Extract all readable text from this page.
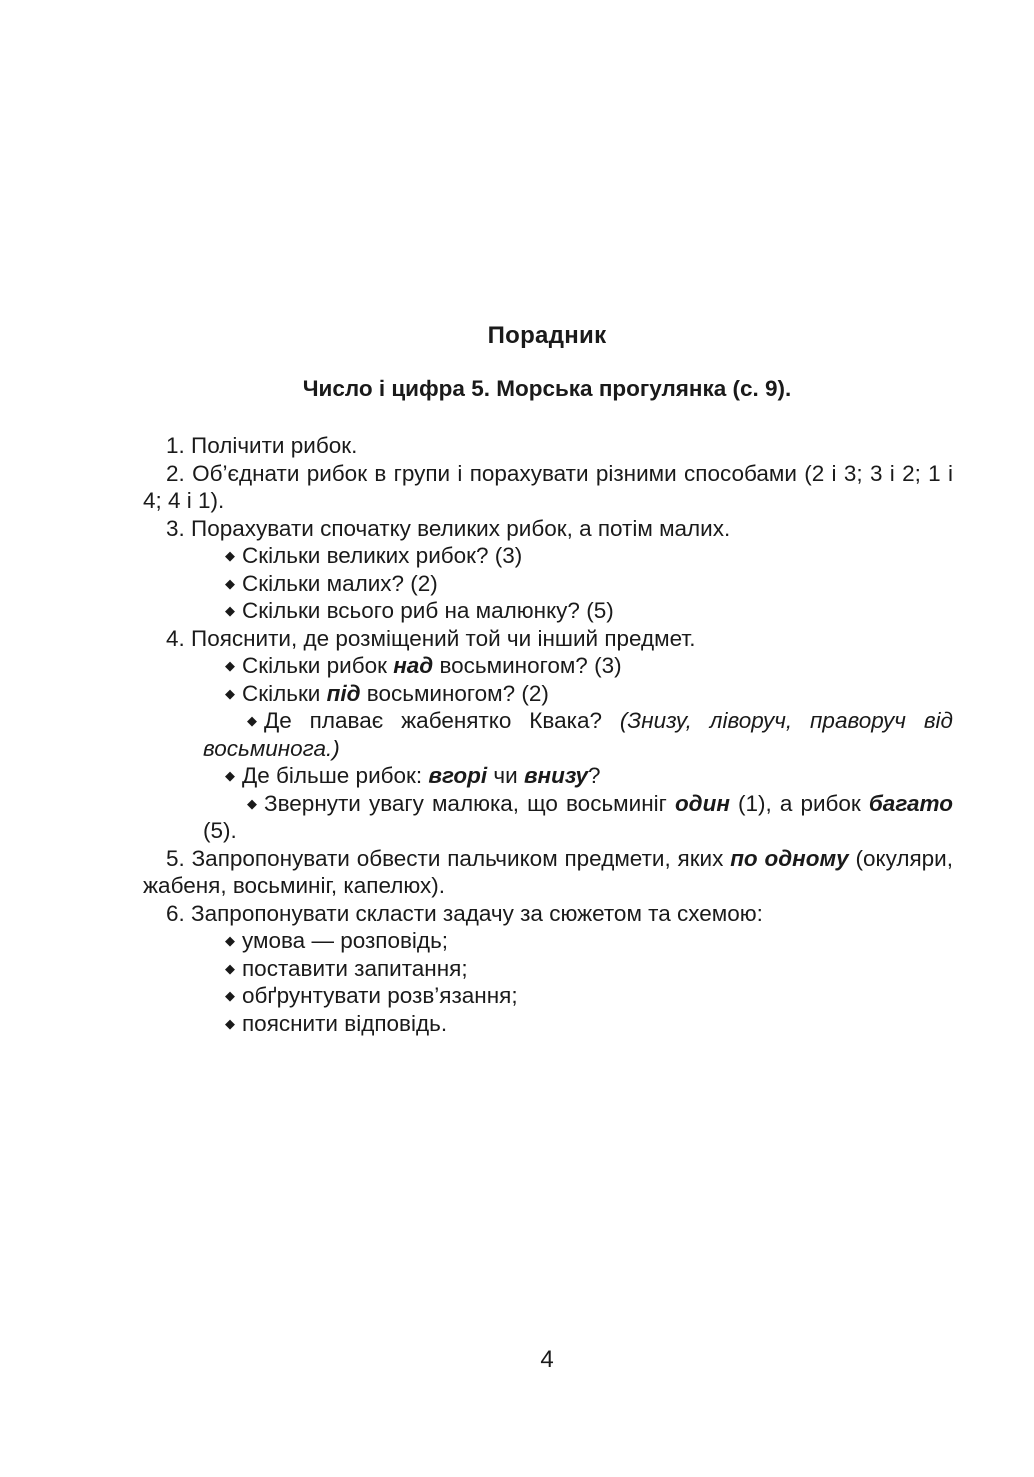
Порадник
Число і цифра 5. Морська прогулянка (с. 9).

1. Полічити рибок.

2. Об’єднати рибок в групи і порахувати різними способами (2 і 3; 3 і 2; 1 і 4; 4 і 1).

3. Порахувати спочатку великих рибок, а потім малих.

◆ Скільки великих рибок? (3)

◆ Скільки малих? (2)

◆ Скільки всього риб на малюнку? (5)

4. Пояснити, де розміщений той чи інший предмет.

◆ Скільки рибок над восьминогом? (3)

◆ Скільки під восьминогом? (2)

◆ Де плаває жабенятко Квака? (Знизу, ліворуч, праворуч від восьминога.)

◆ Де більше рибок: вгорі чи внизу?

◆ Звернути увагу малюка, що восьминіг один (1), а рибок багато (5).

5. Запропонувати обвести пальчиком предмети, яких по одному (окуляри, жабеня, восьминіг, капелюх).

6. Запропонувати скласти задачу за сюжетом та схемою:

◆ умова — розповідь;

◆ поставити запитання;

◆ обґрунтувати розв’язання;

◆ пояснити відповідь.

4
